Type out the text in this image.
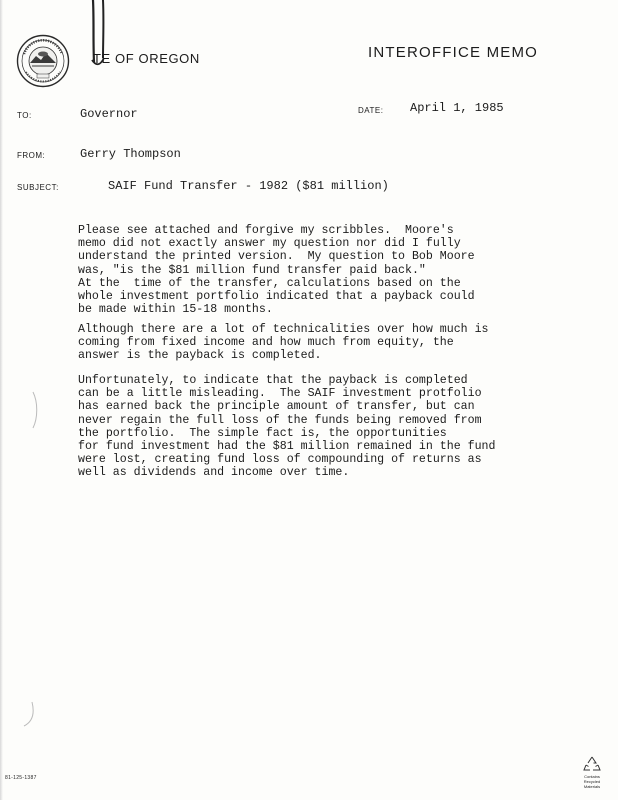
TE OF OREGON	INTEROFFICE MEMO
TO:	Governor	DATE: April 1, 1985
FROM:	Gerry Thompson
SUBJECT:	SAIF Fund Transfer - 1982 ($81 million)
Please see attached and forgive my scribbles.  Moore's
memo did not exactly answer my question nor did I fully
understand the printed version.  My question to Bob Moore
was, "is the $81 million fund transfer paid back."
At the  time of the transfer, calculations based on the
whole investment portfolio indicated that a payback could
be made within 15-18 months.
Although there are a lot of technicalities over how much is
coming from fixed income and how much from equity, the
answer is the payback is completed.
Unfortunately, to indicate that the payback is completed
can be a little misleading.  The SAIF investment protfolio
has earned back the principle amount of transfer, but can
never regain the full loss of the funds being removed from
the portfolio.  The simple fact is, the opportunities
for fund investment had the $81 million remained in the fund
were lost, creating fund loss of compounding of returns as
well as dividends and income over time.
81-125-1387	Contains
Recycled
Materials
